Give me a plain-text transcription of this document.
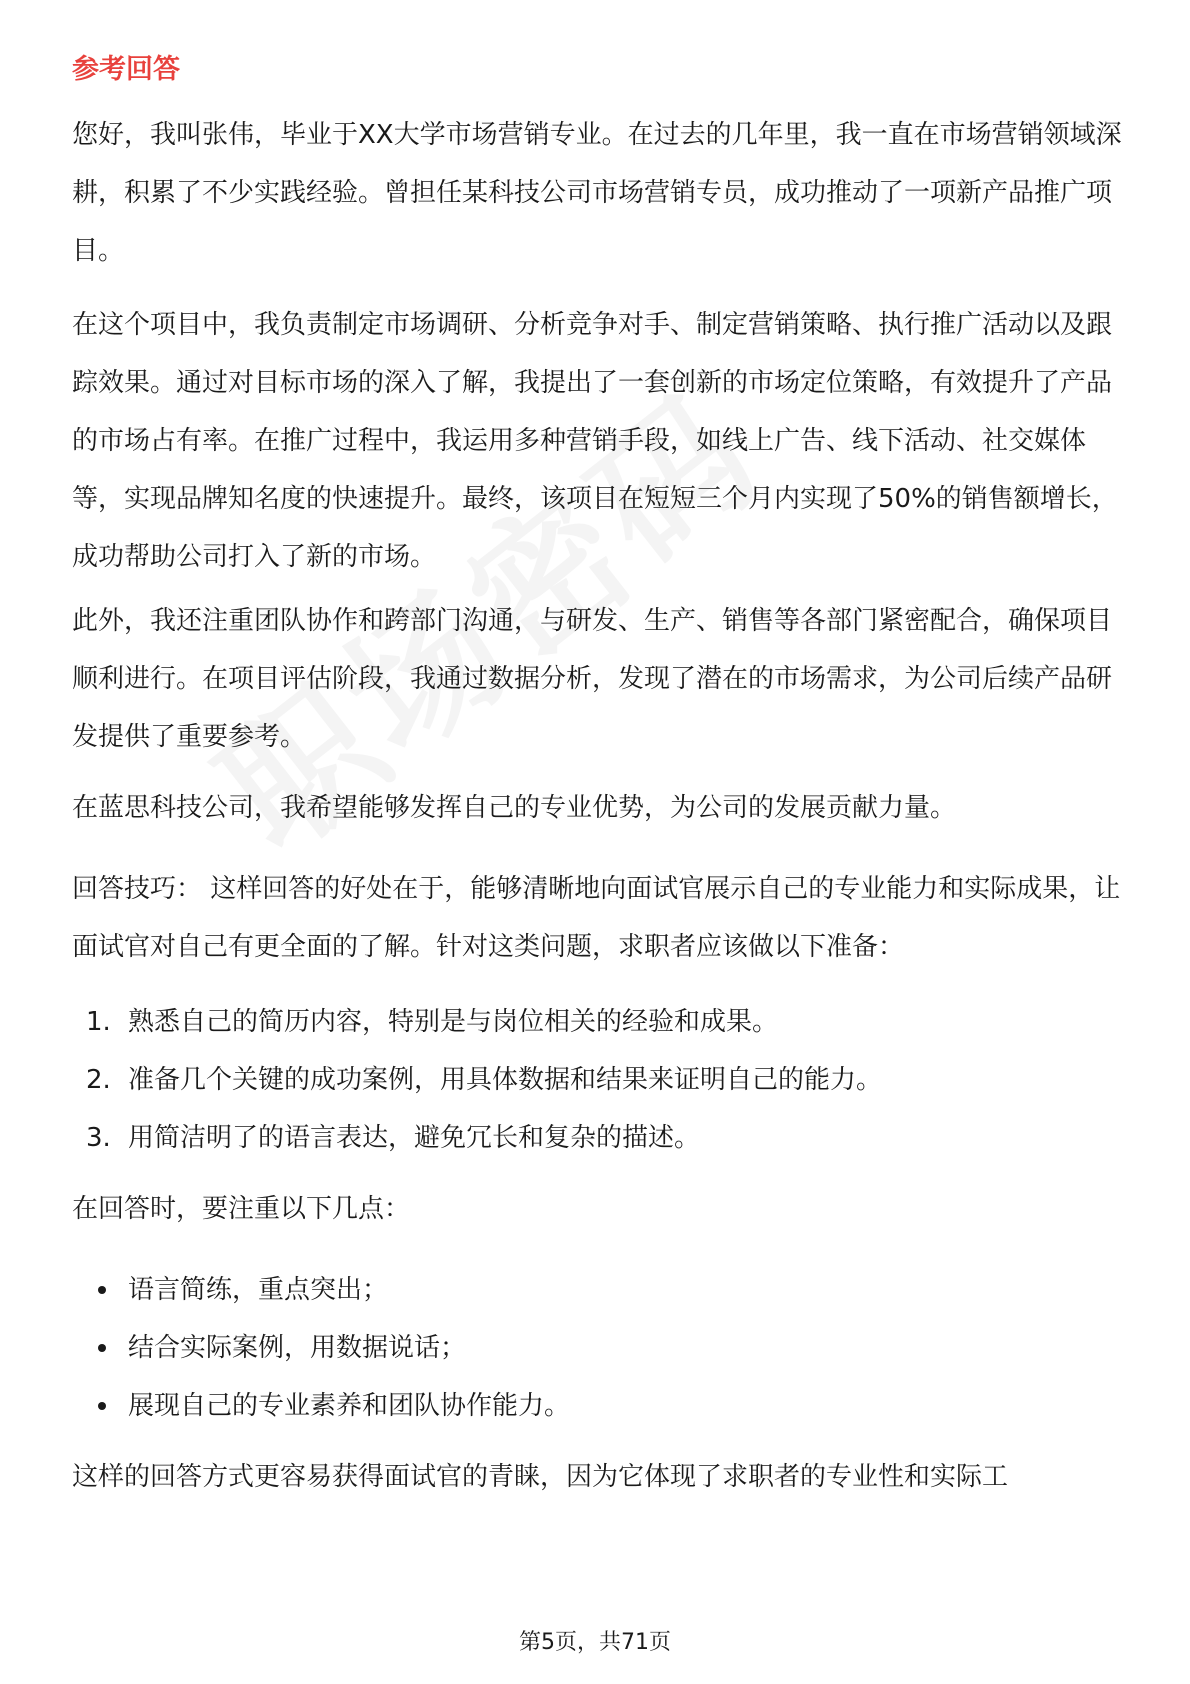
参考回答

您好，我叫张伟，毕业于XX大学市场营销专业。在过去的几年里，我一直在市场营销领域深耕，积累了不少实践经验。曾担任某科技公司市场营销专员，成功推动了一项新产品推广项目。

在这个项目中，我负责制定市场调研、分析竞争对手、制定营销策略、执行推广活动以及跟踪效果。通过对目标市场的深入了解，我提出了一套创新的市场定位策略，有效提升了产品的市场占有率。在推广过程中，我运用多种营销手段，如线上广告、线下活动、社交媒体等，实现品牌知名度的快速提升。最终，该项目在短短三个月内实现了50%的销售额增长，成功帮助公司打入了新的市场。

此外，我还注重团队协作和跨部门沟通，与研发、生产、销售等各部门紧密配合，确保项目顺利进行。在项目评估阶段，我通过数据分析，发现了潜在的市场需求，为公司后续产品研发提供了重要参考。

在蓝思科技公司，我希望能够发挥自己的专业优势，为公司的发展贡献力量。

回答技巧： 这样回答的好处在于，能够清晰地向面试官展示自己的专业能力和实际成果，让面试官对自己有更全面的了解。针对这类问题，求职者应该做以下准备：

1. 熟悉自己的简历内容，特别是与岗位相关的经验和成果。
2. 准备几个关键的成功案例，用具体数据和结果来证明自己的能力。
3. 用简洁明了的语言表达，避免冗长和复杂的描述。

在回答时，要注重以下几点：

语言简练，重点突出；
结合实际案例，用数据说话；
展现自己的专业素养和团队协作能力。

这样的回答方式更容易获得面试官的青睐，因为它体现了求职者的专业性和实际工

第5页，共71页
